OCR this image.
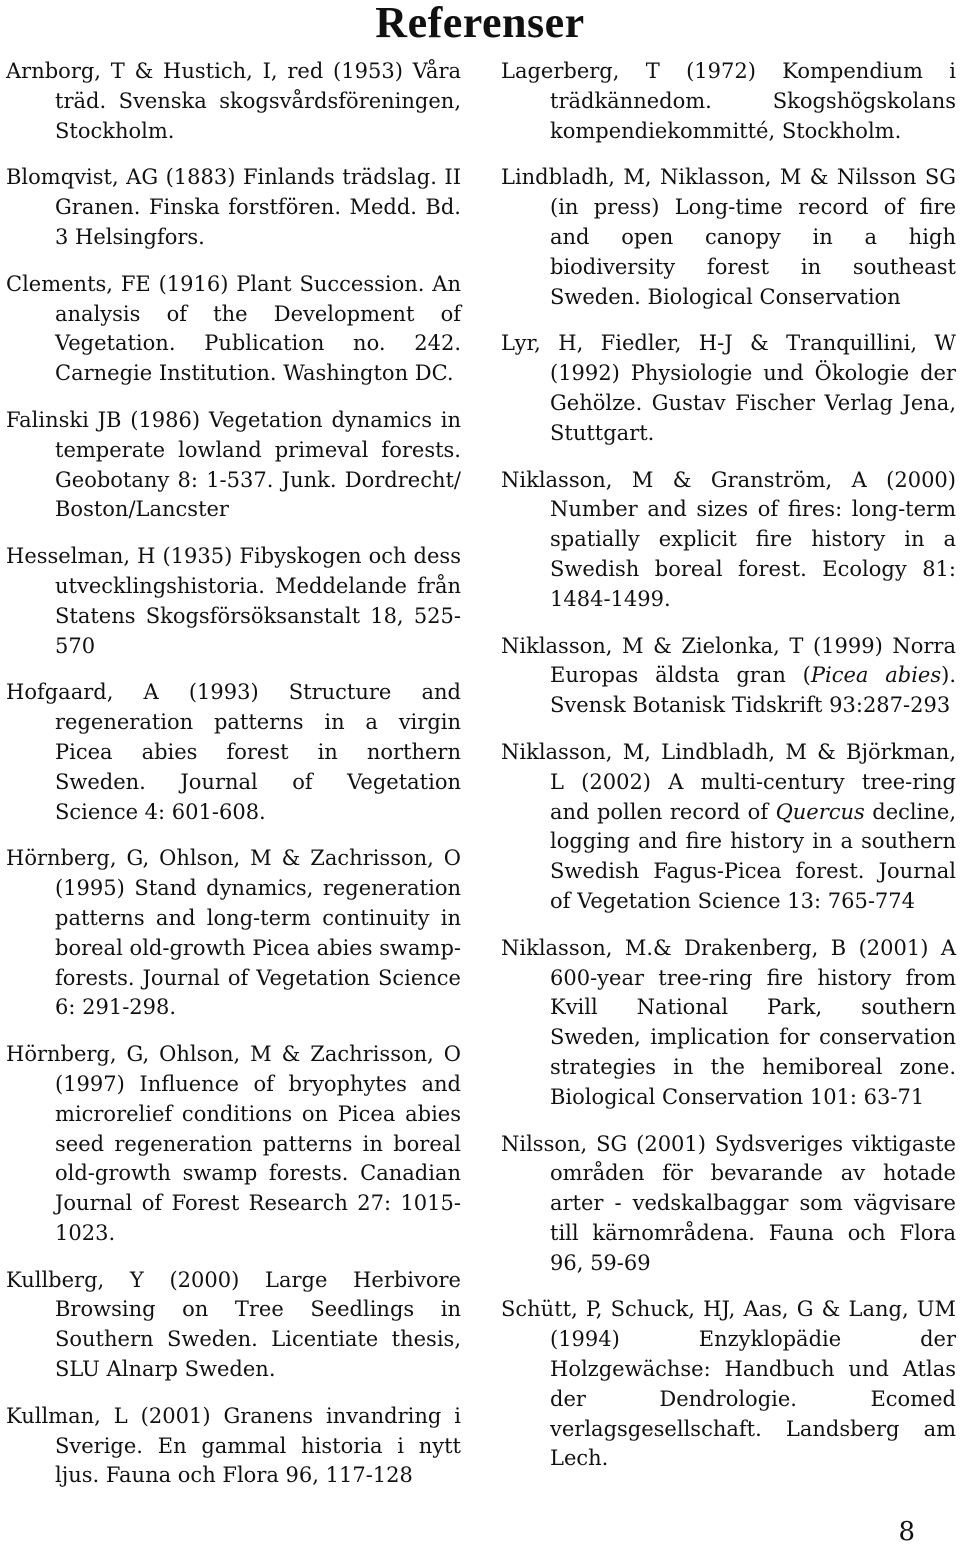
Referenser

Arnborg, T & Hustich, I, red (1953) Våra träd. Svenska skogsvårdsföreningen, Stockholm.

Blomqvist, AG (1883) Finlands trädslag. II Granen. Finska forstfören. Medd. Bd. 3 Helsingfors.

Clements, FE (1916) Plant Succession. An analysis of the Development of Vegetation. Publication no. 242. Carnegie Institution. Washington DC.

Falinski JB (1986) Vegetation dynamics in temperate lowland primeval forests. Geobotany 8: 1-537. Junk. Dordrecht/ Boston/Lancster

Hesselman, H (1935) Fibyskogen och dess utvecklingshistoria. Meddelande från Statens Skogsförsöksanstalt 18, 525-570

Hofgaard, A (1993) Structure and regeneration patterns in a virgin Picea abies forest in northern Sweden. Journal of Vegetation Science 4: 601-608.

Hörnberg, G, Ohlson, M & Zachrisson, O (1995) Stand dynamics, regeneration patterns and long-term continuity in boreal old-growth Picea abies swamp-forests. Journal of Vegetation Science 6: 291-298.

Hörnberg, G, Ohlson, M & Zachrisson, O (1997) Influence of bryophytes and microrelief conditions on Picea abies seed regeneration patterns in boreal old-growth swamp forests. Canadian Journal of Forest Research 27: 1015-1023.

Kullberg, Y (2000) Large Herbivore Browsing on Tree Seedlings in Southern Sweden. Licentiate thesis, SLU Alnarp Sweden.

Kullman, L (2001) Granens invandring i Sverige. En gammal historia i nytt ljus. Fauna och Flora 96, 117-128

Lagerberg, T (1972) Kompendium i trädkännedom. Skogshögskolans kompendiekommitté, Stockholm.

Lindbladh, M, Niklasson, M & Nilsson SG (in press) Long-time record of fire and open canopy in a high biodiversity forest in southeast Sweden. Biological Conservation

Lyr, H, Fiedler, H-J & Tranquillini, W (1992) Physiologie und Ökologie der Gehölze. Gustav Fischer Verlag Jena, Stuttgart.

Niklasson, M & Granström, A (2000) Number and sizes of fires: long-term spatially explicit fire history in a Swedish boreal forest. Ecology 81: 1484-1499.

Niklasson, M & Zielonka, T (1999) Norra Europas äldsta gran (Picea abies). Svensk Botanisk Tidskrift 93:287-293

Niklasson, M, Lindbladh, M & Björkman, L (2002) A multi-century tree-ring and pollen record of Quercus decline, logging and fire history in a southern Swedish Fagus-Picea forest. Journal of Vegetation Science 13: 765-774

Niklasson, M.& Drakenberg, B (2001) A 600-year tree-ring fire history from Kvill National Park, southern Sweden, implication for conservation strategies in the hemiboreal zone. Biological Conservation 101: 63-71

Nilsson, SG (2001) Sydsveriges viktigaste områden för bevarande av hotade arter - vedskalbaggar som vägvisare till kärnområdena. Fauna och Flora 96, 59-69

Schütt, P, Schuck, HJ, Aas, G & Lang, UM (1994) Enzyklopädie der Holzgewächse: Handbuch und Atlas der Dendrologie. Ecomed verlagsgesellschaft. Landsberg am Lech.

8
